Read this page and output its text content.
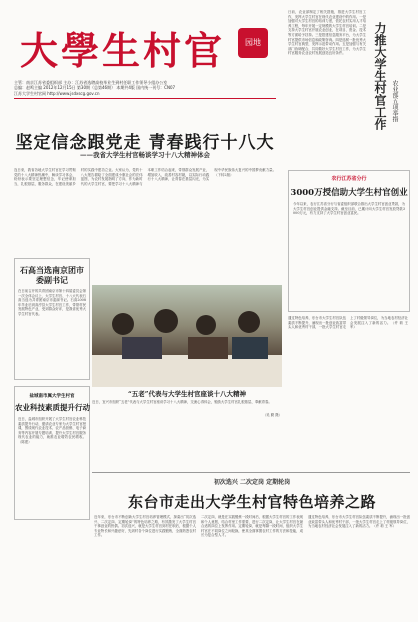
大學生村官 园地
主管：南京江苏省委组织部 主办：江苏省选聘高校毕业生到村任职工作领导小组办公室
总编：赵鸣主编 2012年12月15日 第30期（总第46期） 本期共4版 国内统一刊号：CN07
江苏大学生村官网 http://www.jsdxscg.gov.cn
日前，农业部制定了相关措施，推进大学生村官工作，发挥大学生村官在现代农业建设中的作用。一是加强对大学生村官的培训力度，依托农村实用人才培养工程，每年开展一定规模的大学生村官培训。二是支持大学生村官开展农业创业，在项目、资金、技术等方面给予扶持。三是搭建信息服务平台，为大学生村官提供市场信息和政策咨询。四是选树一批优秀大学生村官典型，发挥示范带动作用。五是加强与有关部门协调配合，共同做好大学生村官工作，为大学生村官服务农业农村发展创造良好条件。	力推大学生村官工作 农业部五项举措
农行江苏省分行
3000万授信助大学生村官创业
今年以来，农行江苏省分行与省委组织部联合推出大学生村官创业贷款，为大学生村官创业提供金融支持。截至目前，已累计向大学生村官发放贷款3000万元，有力支持了大学生村官创业富民。
坚定信念跟党走 青春践行十八大
——我省大学生村官畅谈学习十八大精神体会
连日来，我省各地大学生村官在学习贯彻党的十八大精神热潮中，畅谈学习体会，纷纷表示要坚定理想信念，牢记使命担当，扎根基层、服务群众，在建设美丽乡村的实践中建功立业。大家认为，党的十八大报告描绘了全面建成小康社会的宏伟蓝图，为农村发展指明了方向，作为新时代的大学生村官，要把学习十八大精神与本职工作结合起来，带领群众发展产业，增加收入，改善村容村貌，以实际行动践行十八大精神，让青春在基层闪光，为实现中华民族伟大复兴的中国梦贡献力量。（下转2版）
石高当选南京团市委副书记
在日前召开的共青团南京市第十四届委员会第一次全体会议上，大学生村官、十八大代表石高当选为共青团南京市委副书记。石高2008年毕业后到高淳县大学生村官工作，带领村民发展特色产业，受到群众好评，是我省优秀大学生村官代表。
盐城南市属大学生村官
农业科技素质提升行动
近日，盐城市组织开展了大学生村官农业科技素质提升行动，邀请农业专家为大学生村官授课，围绕现代农业技术、农产品营销、电子商务等内容开展专题培训，提升大学生村官服务现代农业的能力，助推农业增效农民增收。（陈建）
“五老”代表与大学生村官座谈十八大精神
近日，宜兴市组织“五老”代表与大学生村官座谈学习十八大精神，交流心得体会，勉励大学生村官扎根基层、奉献青春。
（吴 勤 摄）
通过特色培养，东台市大学生村官队伍素质不断提升，涌现出一批创业致富带头人和优秀村干部，一批大学生村官走上了村级领导岗位，为当地农村经济社会发展注入了新的活力。（许 莉 王 军）
初次选兴 二次定岗 定期轮岗
东台市走出大学生村官特色培养之路
近年来，东台市不断创新大学生村官培养管理模式，探索出“初次选兴、二次定岗、定期轮岗”的特色培养之路，有效激发了大学生村官干事创业的热情。初次选兴，就是大学生村官到村任职后，根据个人专业特长和兴趣爱好，先到村各个岗位进行实践锻炼，全面熟悉农村工作。
二次定岗，就是在实践锻炼一段时间后，根据大学生村官的工作表现和个人意愿，结合村里工作需要，进行二次定岗，让大学生村官在最合适的岗位上发挥作用。定期轮岗，就是每隔一段时间，组织大学生村官在不同岗位之间轮换，使其全面掌握农村工作的方法和技能，成长为复合型人才。
通过特色培养，东台市大学生村官队伍素质不断提升，涌现出一批创业致富带头人和优秀村干部，一批大学生村官走上了村级领导岗位，为当地农村经济社会发展注入了新的活力。（许 莉 王 军）
